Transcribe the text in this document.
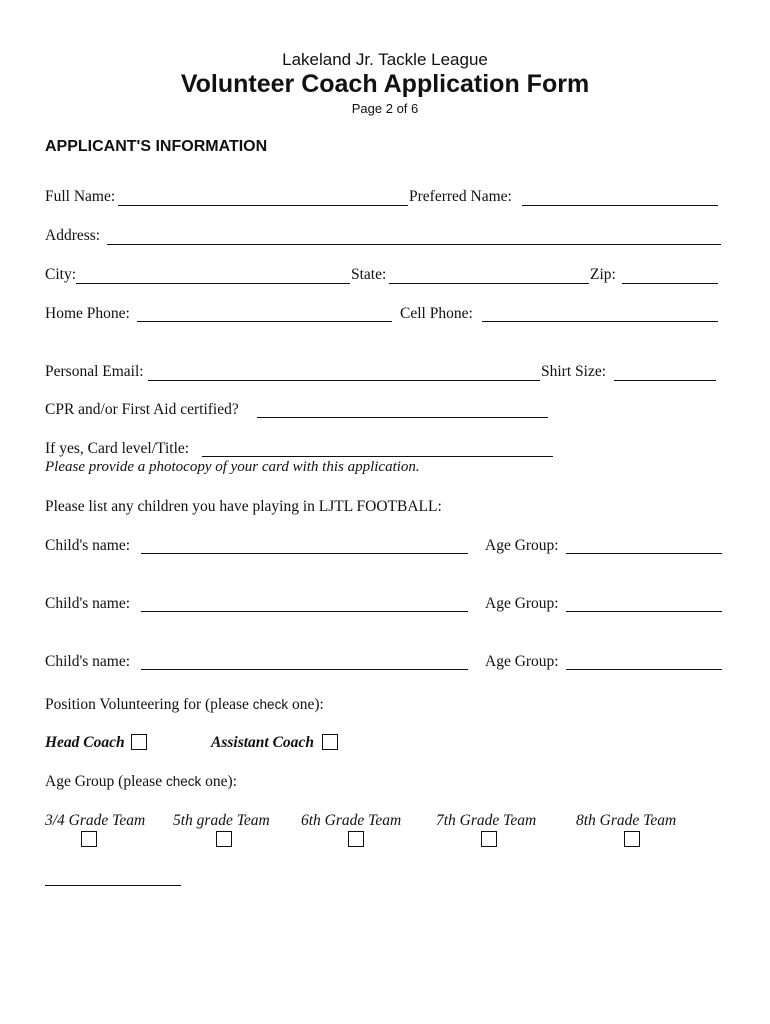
Lakeland Jr. Tackle League
Volunteer Coach Application Form
Page 2 of 6
APPLICANT'S INFORMATION
Full Name:	Preferred Name:
Address:
City:	State:	Zip:
Home Phone:	Cell Phone:
Personal Email:	Shirt Size:
CPR and/or First Aid certified?
If yes, Card level/Title:
Please provide a photocopy of your card with this application.
Please list any children you have playing in LJTL FOOTBALL:
Child's name:	Age Group:
Child's name:	Age Group:
Child's name:	Age Group:
Position Volunteering for (please check one):
Head Coach	Assistant Coach
Age Group (please check one):
3/4 Grade Team 5th grade Team 6th Grade Team 7th Grade Team	8th Grade Team
